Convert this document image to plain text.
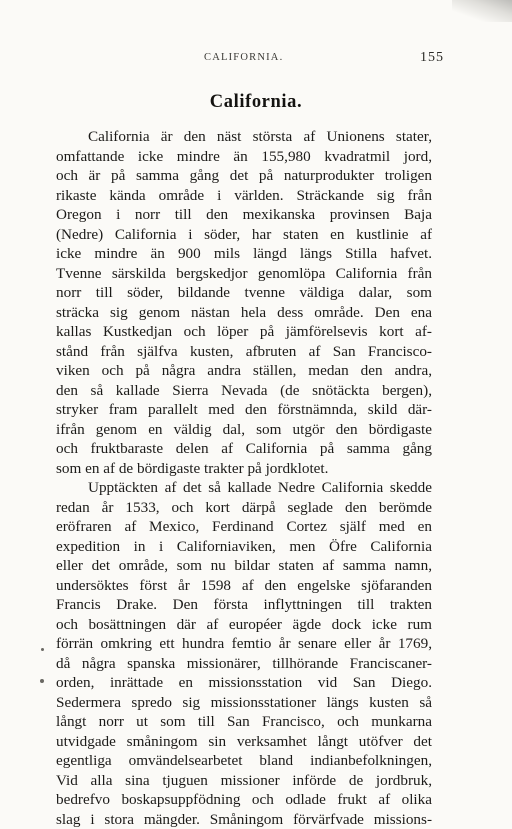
CALIFORNIA.	155
California.
California är den näst största af Unionens stater,
omfattande icke mindre än 155,980 kvadratmil jord,
och är på samma gång det på naturprodukter troligen
rikaste kända område i världen. Sträckande sig från
Oregon i norr till den mexikanska provinsen Baja
(Nedre) California i söder, har staten en kustlinie af
icke mindre än 900 mils längd längs Stilla hafvet.
Tvenne särskilda bergskedjor genomlöpa California från
norr till söder, bildande tvenne väldiga dalar, som
sträcka sig genom nästan hela dess område. Den ena
kallas Kustkedjan och löper på jämförelsevis kort af-
stånd från själfva kusten, afbruten af San Francisco-
viken och på några andra ställen, medan den andra,
den så kallade Sierra Nevada (de snötäckta bergen),
stryker fram parallelt med den förstnämnda, skild där-
ifrån genom en väldig dal, som utgör den bördigaste
och fruktbaraste delen af California på samma gång
som en af de bördigaste trakter på jordklotet.
Upptäckten af det så kallade Nedre California skedde
redan år 1533, och kort därpå seglade den berömde
eröfraren af Mexico, Ferdinand Cortez själf med en
expedition in i Californiaviken, men Öfre California
eller det område, som nu bildar staten af samma namn,
undersöktes först år 1598 af den engelske sjöfaranden
Francis Drake. Den första inflyttningen till trakten
och bosättningen där af européer ägde dock icke rum
förrän omkring ett hundra femtio år senare eller år 1769,
då några spanska missionärer, tillhörande Franciscaner-
orden, inrättade en missionsstation vid San Diego.
Sedermera spredo sig missionsstationer längs kusten så
långt norr ut som till San Francisco, och munkarna
utvidgade småningom sin verksamhet långt utöfver det
egentliga omvändelsearbetet bland indianbefolkningen,
Vid alla sina tjuguen missioner införde de jordbruk,
bedrefvo boskapsuppfödning och odlade frukt af olika
slag i stora mängder. Småningom förvärfvade missions-
